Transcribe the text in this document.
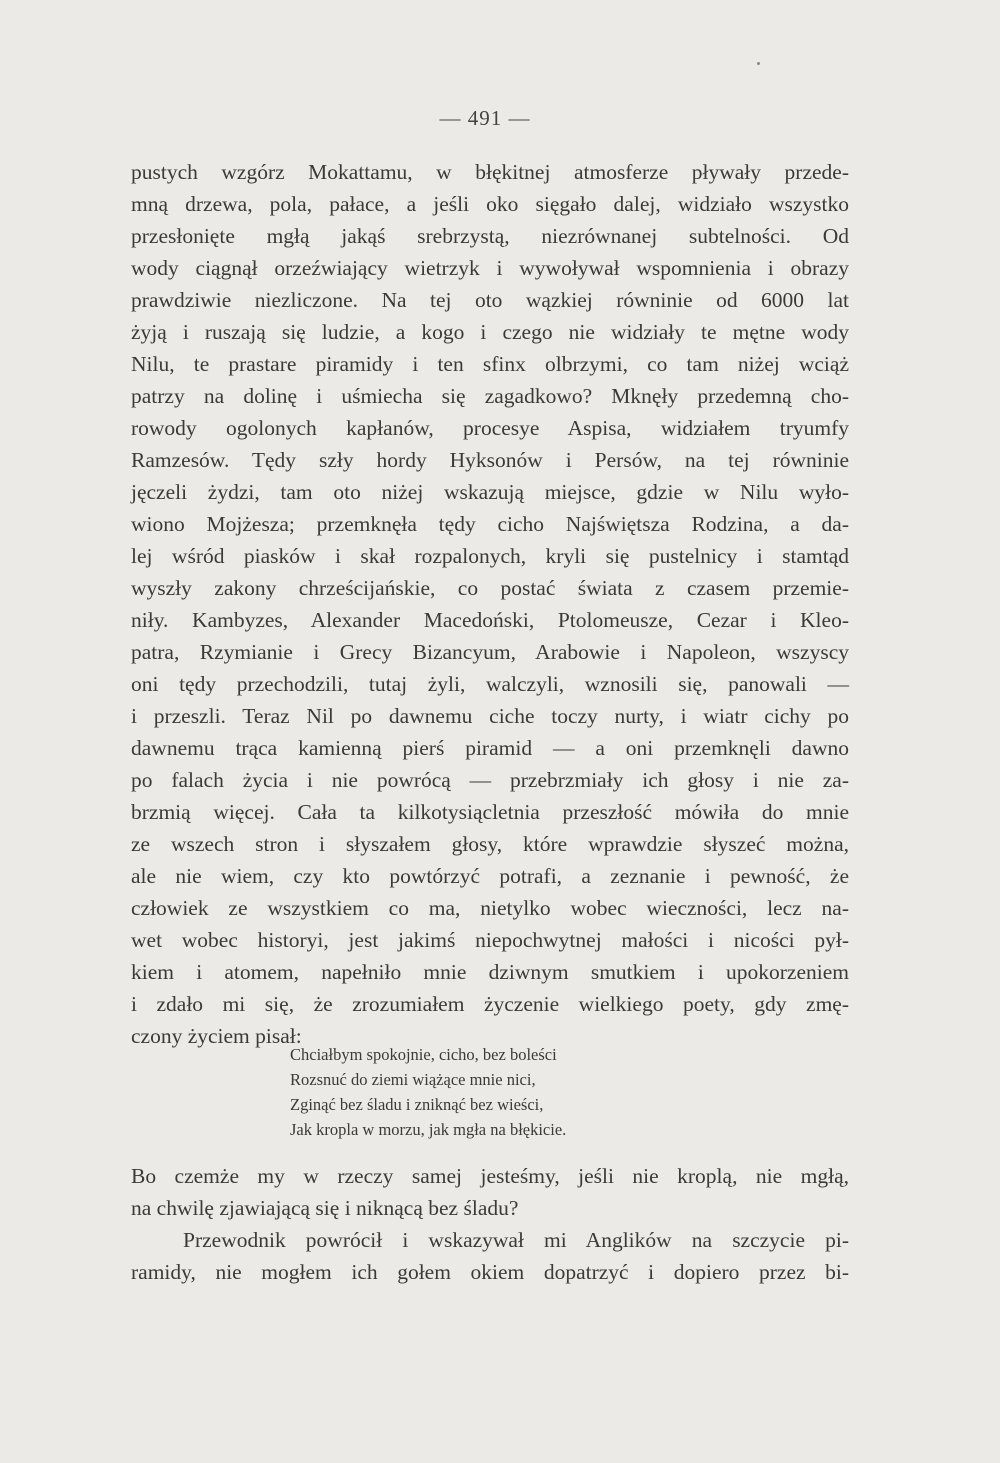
— 491 —
pustych wzgórz Mokattamu, w błękitnej atmosferze pływały przede-
mną drzewa, pola, pałace, a jeśli oko sięgało dalej, widziało wszystko
przesłonięte mgłą jakąś srebrzystą, niezrównanej subtelności. Od
wody ciągnął orzeźwiający wietrzyk i wywoływał wspomnienia i obrazy
prawdziwie niezliczone. Na tej oto wązkiej równinie od 6000 lat
żyją i ruszają się ludzie, a kogo i czego nie widziały te mętne wody
Nilu, te prastare piramidy i ten sfinx olbrzymi, co tam niżej wciąż
patrzy na dolinę i uśmiecha się zagadkowo? Mknęły przedemną cho-
rowody ogolonych kapłanów, procesye Aspisa, widziałem tryumfy
Ramzesów. Tędy szły hordy Hyksonów i Persów, na tej równinie
jęczeli żydzi, tam oto niżej wskazują miejsce, gdzie w Nilu wyło-
wiono Mojżesza; przemknęła tędy cicho Najświętsza Rodzina, a da-
lej wśród piasków i skał rozpalonych, kryli się pustelnicy i stamtąd
wyszły zakony chrześcijańskie, co postać świata z czasem przemie-
niły. Kambyzes, Alexander Macedoński, Ptolomeusze, Cezar i Kleo-
patra, Rzymianie i Grecy Bizancyum, Arabowie i Napoleon, wszyscy
oni tędy przechodzili, tutaj żyli, walczyli, wznosili się, panowali —
i przeszli. Teraz Nil po dawnemu ciche toczy nurty, i wiatr cichy po
dawnemu trąca kamienną pierś piramid — a oni przemknęli dawno
po falach życia i nie powrócą — przebrzmiały ich głosy i nie za-
brzmią więcej. Cała ta kilkotysiącletnia przeszłość mówiła do mnie
ze wszech stron i słyszałem głosy, które wprawdzie słyszeć można,
ale nie wiem, czy kto powtórzyć potrafi, a zeznanie i pewność, że
człowiek ze wszystkiem co ma, nietylko wobec wieczności, lecz na-
wet wobec historyi, jest jakimś niepochwytnej małości i nicości pył-
kiem i atomem, napełniło mnie dziwnym smutkiem i upokorzeniem
i zdało mi się, że zrozumiałem życzenie wielkiego poety, gdy zmę-
czony życiem pisał:
Chciałbym spokojnie, cicho, bez boleści
Rozsnuć do ziemi wiążące mnie nici,
Zginąć bez śladu i zniknąć bez wieści,
Jak kropla w morzu, jak mgła na błękicie.
Bo czemże my w rzeczy samej jesteśmy, jeśli nie kroplą, nie mgłą,
na chwilę zjawiającą się i niknącą bez śladu?
Przewodnik powrócił i wskazywał mi Anglików na szczycie pi-
ramidy, nie mogłem ich gołem okiem dopatrzyć i dopiero przez bi-
